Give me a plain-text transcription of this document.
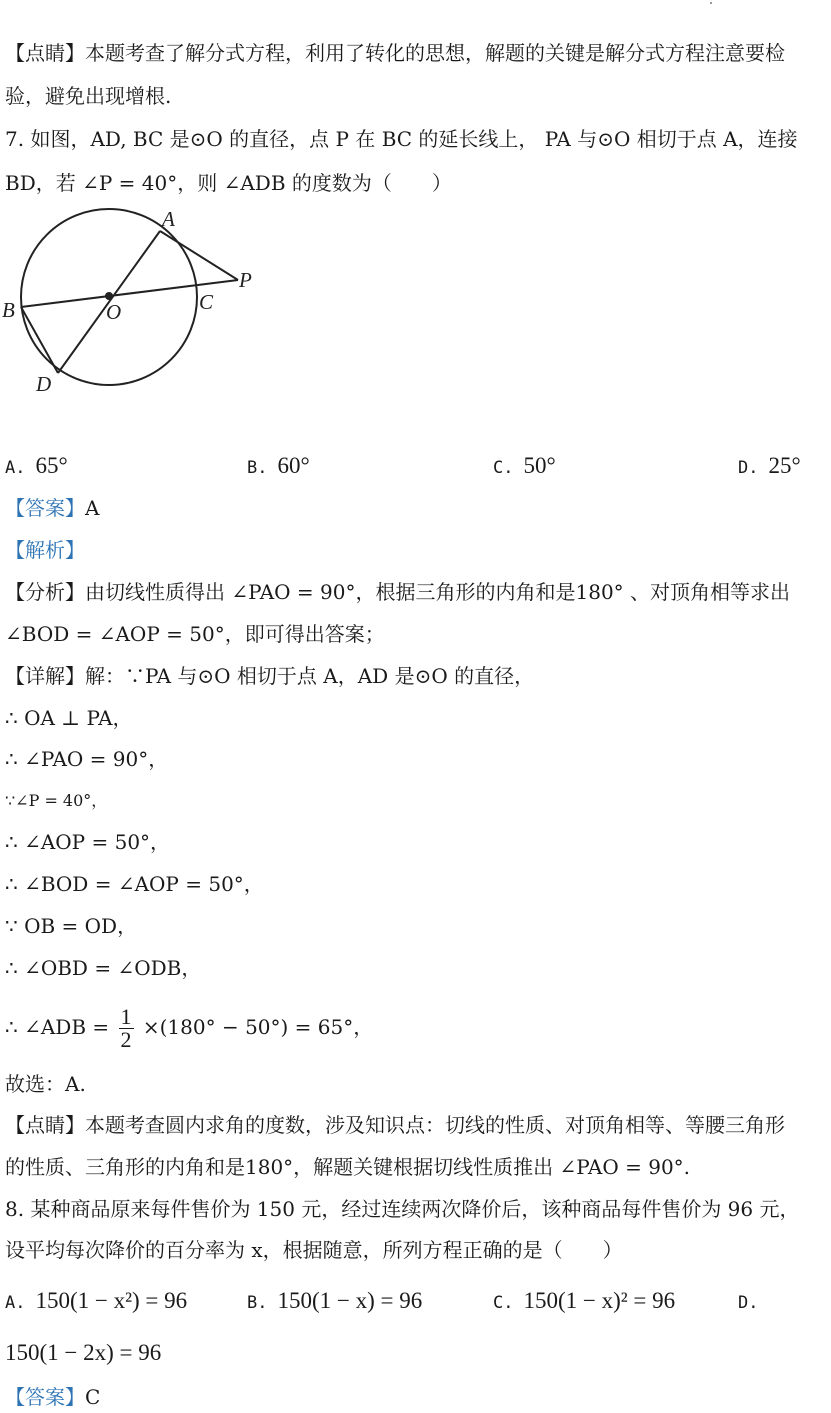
【点睛】本题考查了解分式方程，利用了转化的思想，解题的关键是解分式方程注意要检
验，避免出现增根.
7. 如图，AD, BC 是⊙O 的直径，点 P 在 BC 的延长线上， PA 与⊙O 相切于点 A，连接
BD，若 ∠P = 40°，则 ∠ADB 的度数为（　　）
A
B	C
D
O
P
A. 65°	B. 60°	C. 50°	D. 25°
【答案】A
【解析】
【分析】由切线性质得出 ∠PAO = 90°，根据三角形的内角和是180° 、对顶角相等求出
∠BOD = ∠AOP = 50°，即可得出答案；
【详解】解：∵PA 与⊙O 相切于点 A，AD 是⊙O 的直径，
∴ OA ⊥ PA，
∴ ∠PAO = 90°，
∵∠P = 40°，
∴ ∠AOP = 50°，
∴ ∠BOD = ∠AOP = 50°，
∵ OB = OD，
∴ ∠OBD = ∠ODB，
∴ ∠ADB = $\frac{1}{2} \times(180^\circ - 50^\circ) = 65^\circ$，
故选：A.
【点睛】本题考查圆内求角的度数，涉及知识点：切线的性质、对顶角相等、等腰三角形
的性质、三角形的内角和是180°，解题关键根据切线性质推出 ∠PAO = 90°.
8. 某种商品原来每件售价为 150 元，经过连续两次降价后，该种商品每件售价为 96 元，
设平均每次降价的百分率为 x，根据随意，所列方程正确的是（　　）
A. 150(1 − x²) = 96	B. 150(1 − x) = 96	C. 150(1 − x)² = 96	D.
150(1 − 2x) = 96
【答案】C
